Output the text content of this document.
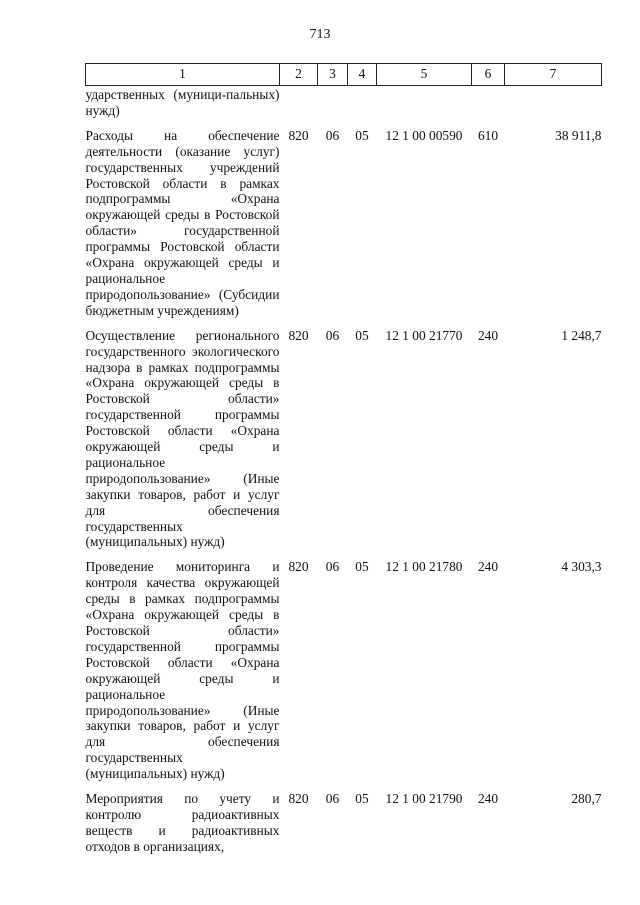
713
1	2	3	4	5	6	7
ударственных (муници-пальных) нужд)						
Расходы на обеспечение деятельности (оказание услуг) государственных учреждений Ростовской области в рамках подпрограммы «Охрана окружающей среды в Ростовской области» государственной программы Ростовской области «Охрана окружающей среды и рациональное природопользование» (Субсидии бюджетным учреждениям)	820	06	05	12 1 00 00590	610	38 911,8
Осуществление регионального государственного экологического надзора в рамках подпрограммы «Охрана окружающей среды в Ростовской области» государственной программы Ростовской области «Охрана окружающей среды и рациональное природопользование» (Иные закупки товаров, работ и услуг для обеспечения государственных (муниципальных) нужд)	820	06	05	12 1 00 21770	240	1 248,7
Проведение мониторинга и контроля качества окружающей среды в рамках подпрограммы «Охрана окружающей среды в Ростовской области» государственной программы Ростовской области «Охрана окружающей среды и рациональное природопользование» (Иные закупки товаров, работ и услуг для обеспечения государственных (муниципальных) нужд)	820	06	05	12 1 00 21780	240	4 303,3
Мероприятия по учету и контролю радиоактивных веществ и радиоактивных отходов в организациях,	820	06	05	12 1 00 21790	240	280,7
